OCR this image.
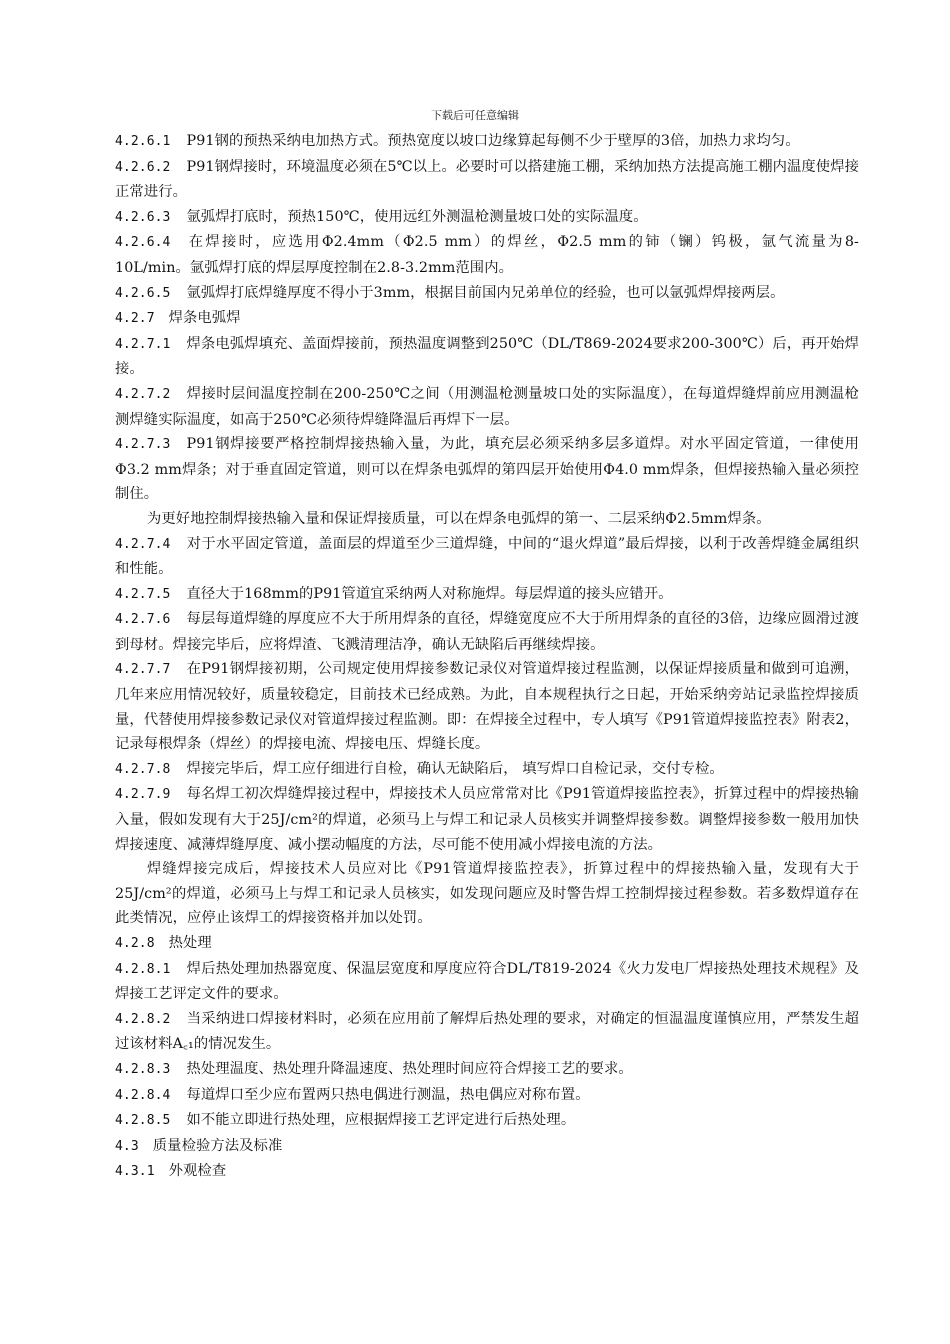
下载后可任意编辑

4.2.6.1 P91钢的预热采纳电加热方式。预热宽度以坡口边缘算起每侧不少于壁厚的3倍，加热力求均匀。

4.2.6.2 P91钢焊接时，环境温度必须在5℃以上。必要时可以搭建施工棚，采纳加热方法提高施工棚内温度使焊接正常进行。

4.2.6.3 氩弧焊打底时，预热150℃，使用远红外测温枪测量坡口处的实际温度。

4.2.6.4 在焊接时，应选用Φ2.4mm（Φ2.5 mm）的焊丝，Φ2.5 mm的铈（镧）钨极，氩气流量为8-10L/min。氩弧焊打底的焊层厚度控制在2.8-3.2mm范围内。

4.2.6.5 氩弧焊打底焊缝厚度不得小于3mm，根据目前国内兄弟单位的经验，也可以氩弧焊焊接两层。

4.2.7 焊条电弧焊

4.2.7.1 焊条电弧焊填充、盖面焊接前，预热温度调整到250℃（DL/T869-2024要求200-300℃）后，再开始焊接。

4.2.7.2 焊接时层间温度控制在200-250℃之间（用测温枪测量坡口处的实际温度），在每道焊缝焊前应用测温枪测焊缝实际温度，如高于250℃必须待焊缝降温后再焊下一层。

4.2.7.3 P91钢焊接要严格控制焊接热输入量，为此，填充层必须采纳多层多道焊。对水平固定管道，一律使用Φ3.2 mm焊条；对于垂直固定管道，则可以在焊条电弧焊的第四层开始使用Φ4.0 mm焊条，但焊接热输入量必须控制住。

为更好地控制焊接热输入量和保证焊接质量，可以在焊条电弧焊的第一、二层采纳Φ2.5mm焊条。

4.2.7.4 对于水平固定管道，盖面层的焊道至少三道焊缝，中间的“退火焊道”最后焊接，以利于改善焊缝金属组织和性能。

4.2.7.5 直径大于168mm的P91管道宜采纳两人对称施焊。每层焊道的接头应错开。

4.2.7.6 每层每道焊缝的厚度应不大于所用焊条的直径，焊缝宽度应不大于所用焊条的直径的3倍，边缘应圆滑过渡到母材。焊接完毕后，应将焊渣、飞溅清理洁净，确认无缺陷后再继续焊接。

4.2.7.7 在P91钢焊接初期，公司规定使用焊接参数记录仪对管道焊接过程监测，以保证焊接质量和做到可追溯，几年来应用情况较好，质量较稳定，目前技术已经成熟。为此，自本规程执行之日起，开始采纳旁站记录监控焊接质量，代替使用焊接参数记录仪对管道焊接过程监测。即：在焊接全过程中，专人填写《P91管道焊接监控表》附表2，记录每根焊条（焊丝）的焊接电流、焊接电压、焊缝长度。

4.2.7.8 焊接完毕后，焊工应仔细进行自检，确认无缺陷后， 填写焊口自检记录，交付专检。

4.2.7.9 每名焊工初次焊缝焊接过程中，焊接技术人员应常常对比《P91管道焊接监控表》，折算过程中的焊接热输入量，假如发现有大于25J/cm²的焊道，必须马上与焊工和记录人员核实并调整焊接参数。调整焊接参数一般用加快焊接速度、减薄焊缝厚度、减小摆动幅度的方法，尽可能不使用减小焊接电流的方法。

焊缝焊接完成后，焊接技术人员应对比《P91管道焊接监控表》，折算过程中的焊接热输入量，发现有大于25J/cm²的焊道，必须马上与焊工和记录人员核实，如发现问题应及时警告焊工控制焊接过程参数。若多数焊道存在此类情况，应停止该焊工的焊接资格并加以处罚。

4.2.8 热处理

4.2.8.1 焊后热处理加热器宽度、保温层宽度和厚度应符合DL/T819-2024《火力发电厂焊接热处理技术规程》及焊接工艺评定文件的要求。

4.2.8.2 当采纳进口焊接材料时，必须在应用前了解焊后热处理的要求，对确定的恒温温度谨慎应用，严禁发生超过该材料A꜀₁的情况发生。

4.2.8.3 热处理温度、热处理升降温速度、热处理时间应符合焊接工艺的要求。

4.2.8.4 每道焊口至少应布置两只热电偶进行测温，热电偶应对称布置。

4.2.8.5 如不能立即进行热处理，应根据焊接工艺评定进行后热处理。

4.3 质量检验方法及标准

4.3.1 外观检查
